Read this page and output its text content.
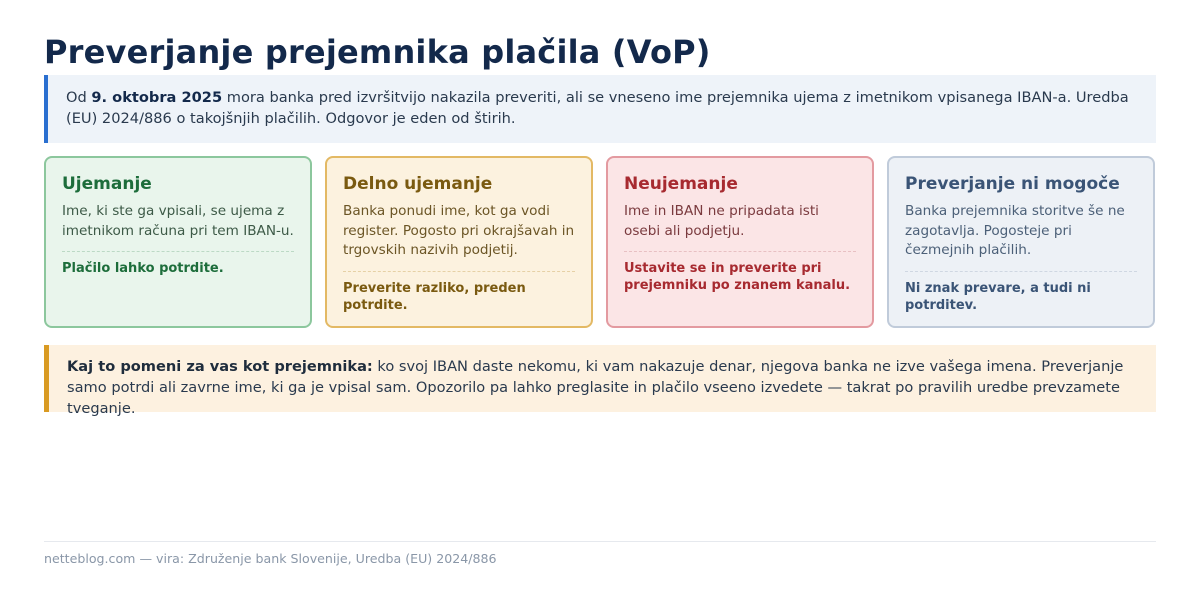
Preverjanje prejemnika plačila (VoP)
Od 9. oktobra 2025 mora banka pred izvršitvijo nakazila preveriti, ali se vneseno ime prejemnika ujema z imetnikom vpisanega IBAN-a. Uredba (EU) 2024/886 o takojšnjih plačilih. Odgovor je eden od štirih.
Ujemanje

Ime, ki ste ga vpisali, se ujema z imetnikom računa pri tem IBAN-u.

Plačilo lahko potrdite.

Delno ujemanje

Banka ponudi ime, kot ga vodi register. Pogosto pri okrajšavah in trgovskih nazivih podjetij.

Preverite razliko, preden potrdite.

Neujemanje

Ime in IBAN ne pripadata isti osebi ali podjetju.

Ustavite se in preverite pri prejemniku po znanem kanalu.

Preverjanje ni mogoče

Banka prejemnika storitve še ne zagotavlja. Pogosteje pri čezmejnih plačilih.

Ni znak prevare, a tudi ni potrditev.

Kaj to pomeni za vas kot prejemnika: ko svoj IBAN daste nekomu, ki vam nakazuje denar, njegova banka ne izve vašega imena. Preverjanje samo potrdi ali zavrne ime, ki ga je vpisal sam. Opozorilo pa lahko preglasite in plačilo vseeno izvedete — takrat po pravilih uredbe prevzamete tveganje.
netteblog.com — vira: Združenje bank Slovenije, Uredba (EU) 2024/886
